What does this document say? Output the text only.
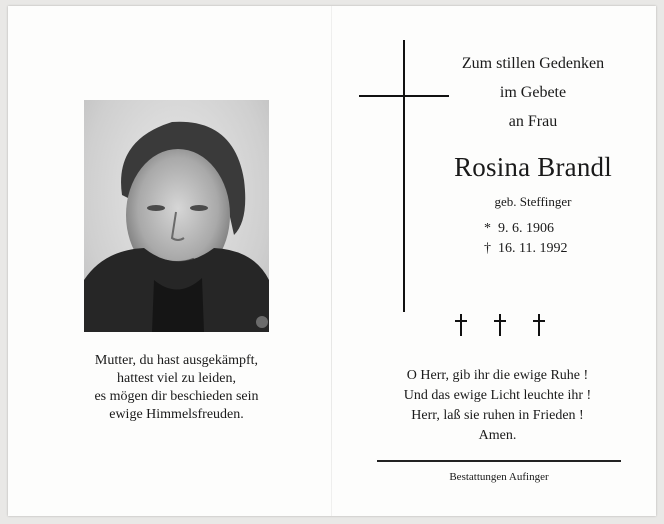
Mutter, du hast ausgekämpft,
hattest viel zu leiden,
es mögen dir beschieden sein
ewige Himmelsfreuden.
Zum stillen Gedenken
im Gebete
an Frau
Rosina Brandl
geb. Steffinger
* 9. 6. 1906
† 16. 11. 1992
O Herr, gib ihr die ewige Ruhe !
Und das ewige Licht leuchte ihr !
Herr, laß sie ruhen in Frieden !
Amen.
Bestattungen Aufinger
